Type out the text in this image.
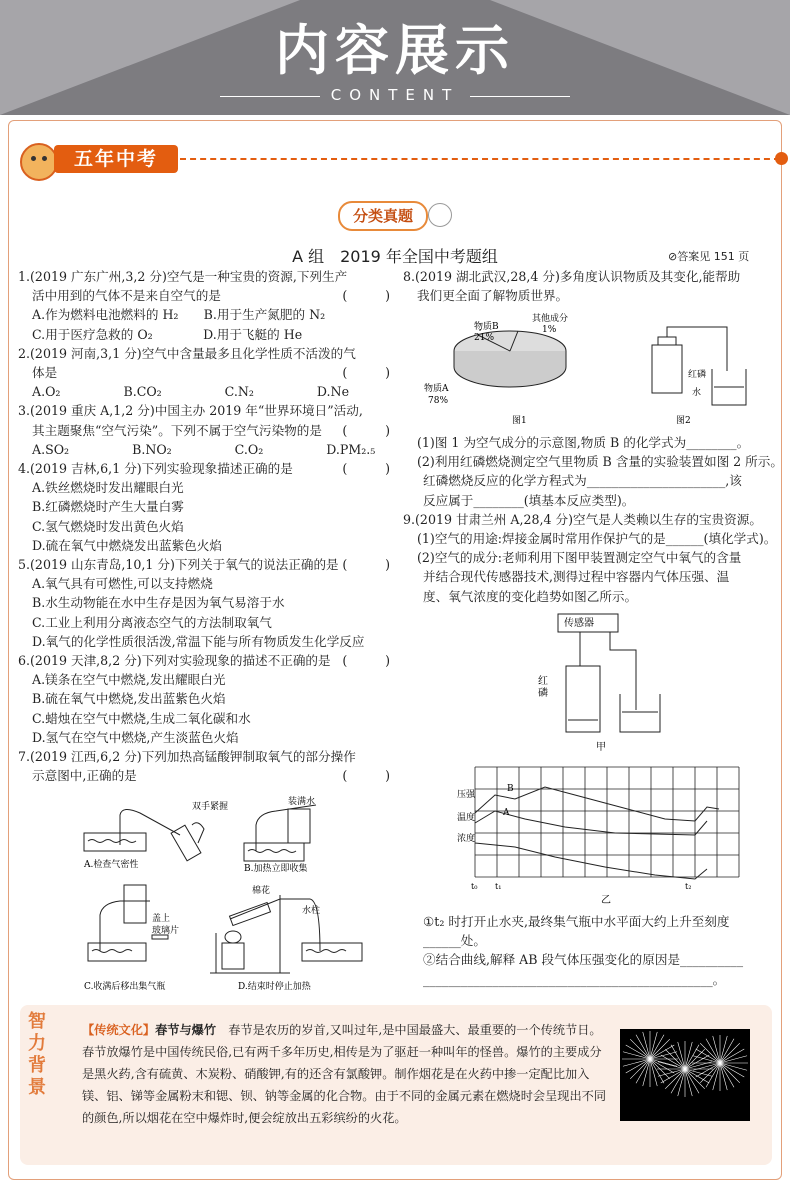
内容展示
CONTENT
五年中考
分类真题
A 组　2019 年全国中考题组	⊘答案见 151 页

1.(2019 广东广州,3,2 分)空气是一种宝贵的资源,下列生产

活中用到的气体不是来自空气的是

A.作为燃料电池燃料的 H₂　　B.用于生产氮肥的 N₂

C.用于医疗急救的 O₂　　　　D.用于飞艇的 He

2.(2019 河南,3,1 分)空气中含量最多且化学性质不活泼的气

体是

A.O₂　　　　　B.CO₂　　　　　C.N₂　　　　　D.Ne

3.(2019 重庆 A,1,2 分)中国主办 2019 年“世界环境日”活动,

其主题聚焦“空气污染”。下列不属于空气污染物的是

A.SO₂　　　　　B.NO₂　　　　　C.O₂　　　　　D.PM₂.₅

4.(2019 吉林,6,1 分)下列实验现象描述正确的是

A.铁丝燃烧时发出耀眼白光

B.红磷燃烧时产生大量白雾

C.氢气燃烧时发出黄色火焰

D.硫在氧气中燃烧发出蓝紫色火焰

5.(2019 山东青岛,10,1 分)下列关于氧气的说法正确的是

A.氧气具有可燃性,可以支持燃烧

B.水生动物能在水中生存是因为氧气易溶于水

C.工业上利用分离液态空气的方法制取氧气

D.氧气的化学性质很活泼,常温下能与所有物质发生化学反应

6.(2019 天津,8,2 分)下列对实验现象的描述不正确的是

A.镁条在空气中燃烧,发出耀眼白光

B.硫在氧气中燃烧,发出蓝紫色火焰

C.蜡烛在空气中燃烧,生成二氧化碳和水

D.氢气在空气中燃烧,产生淡蓝色火焰

7.(2019 江西,6,2 分)下列加热高锰酸钾制取氧气的部分操作

示意图中,正确的是

(　　　)

(　　　)

(　　　)

(　　　)

(　　　)

(　　　)

(　　　)

双手紧握	装满水
A.检查气密性	B.加热立即收集
盖上
玻璃片
棉花
水柱
C.收满后移出集气瓶	D.结束时停止加热

8.(2019 湖北武汉,28,4 分)多角度认识物质及其变化,能帮助

我们更全面了解物质世界。

物质B
21%
其他成分
1%
物质A
78%
红磷
水
图1	图2

(1)图 1 为空气成分的示意图,物质 B 的化学式为________。

(2)利用红磷燃烧测定空气里物质 B 含量的实验装置如图 2 所示。

红磷燃烧反应的化学方程式为______________________,该

反应属于________(填基本反应类型)。

9.(2019 甘肃兰州 A,28,4 分)空气是人类赖以生存的宝贵资源。

(1)空气的用途:焊接金属时常用作保护气的是______(填化学式)。

(2)空气的成分:老师利用下图甲装置测定空气中氧气的含量

并结合现代传感器技术,测得过程中容器内气体压强、温

度、氧气浓度的变化趋势如图乙所示。

传感器
红
磷
甲
压强
温度
浓度
B
A
t₀ t₁	t₂
乙

①t₂ 时打开止水夹,最终集气瓶中水平面大约上升至刻度

______处。

②结合曲线,解释 AB 段气体压强变化的原因是__________

______________________________________________。

智力背景
【传统文化】春节与爆竹　春节是农历的岁首,又叫过年,是中国最盛大、最重要的一个传统节日。春节放爆竹是中国传统民俗,已有两千多年历史,相传是为了驱赶一种叫年的怪兽。爆竹的主要成分是黑火药,含有硫黄、木炭粉、硝酸钾,有的还含有氯酸钾。制作烟花是在火药中掺一定配比加入镁、铝、锑等金属粉末和锶、钡、钠等金属的化合物。由于不同的金属元素在燃烧时会呈现出不同的颜色,所以烟花在空中爆炸时,便会绽放出五彩缤纷的火花。
